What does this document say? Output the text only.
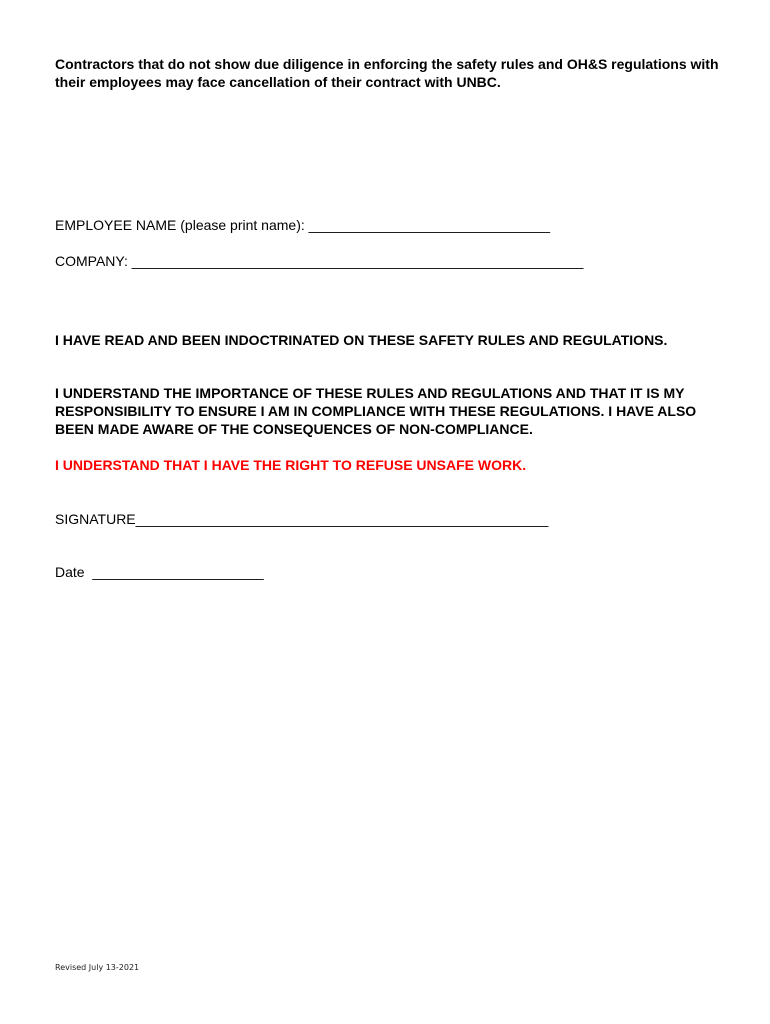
Contractors that do not show due diligence in enforcing the safety rules and OH&S regulations with their employees may face cancellation of their contract with UNBC.
EMPLOYEE NAME (please print name): _______________________________
COMPANY: __________________________________________________________
I HAVE READ AND BEEN INDOCTRINATED ON THESE SAFETY RULES AND REGULATIONS.
I UNDERSTAND THE IMPORTANCE OF THESE RULES AND REGULATIONS AND THAT IT IS MY RESPONSIBILITY TO ENSURE I AM IN COMPLIANCE WITH THESE REGULATIONS. I HAVE ALSO BEEN MADE AWARE OF THE CONSEQUENCES OF NON-COMPLIANCE.
I UNDERSTAND THAT I HAVE THE RIGHT TO REFUSE UNSAFE WORK.
SIGNATURE_____________________________________________________
Date  ______________________
Revised July 13-2021
